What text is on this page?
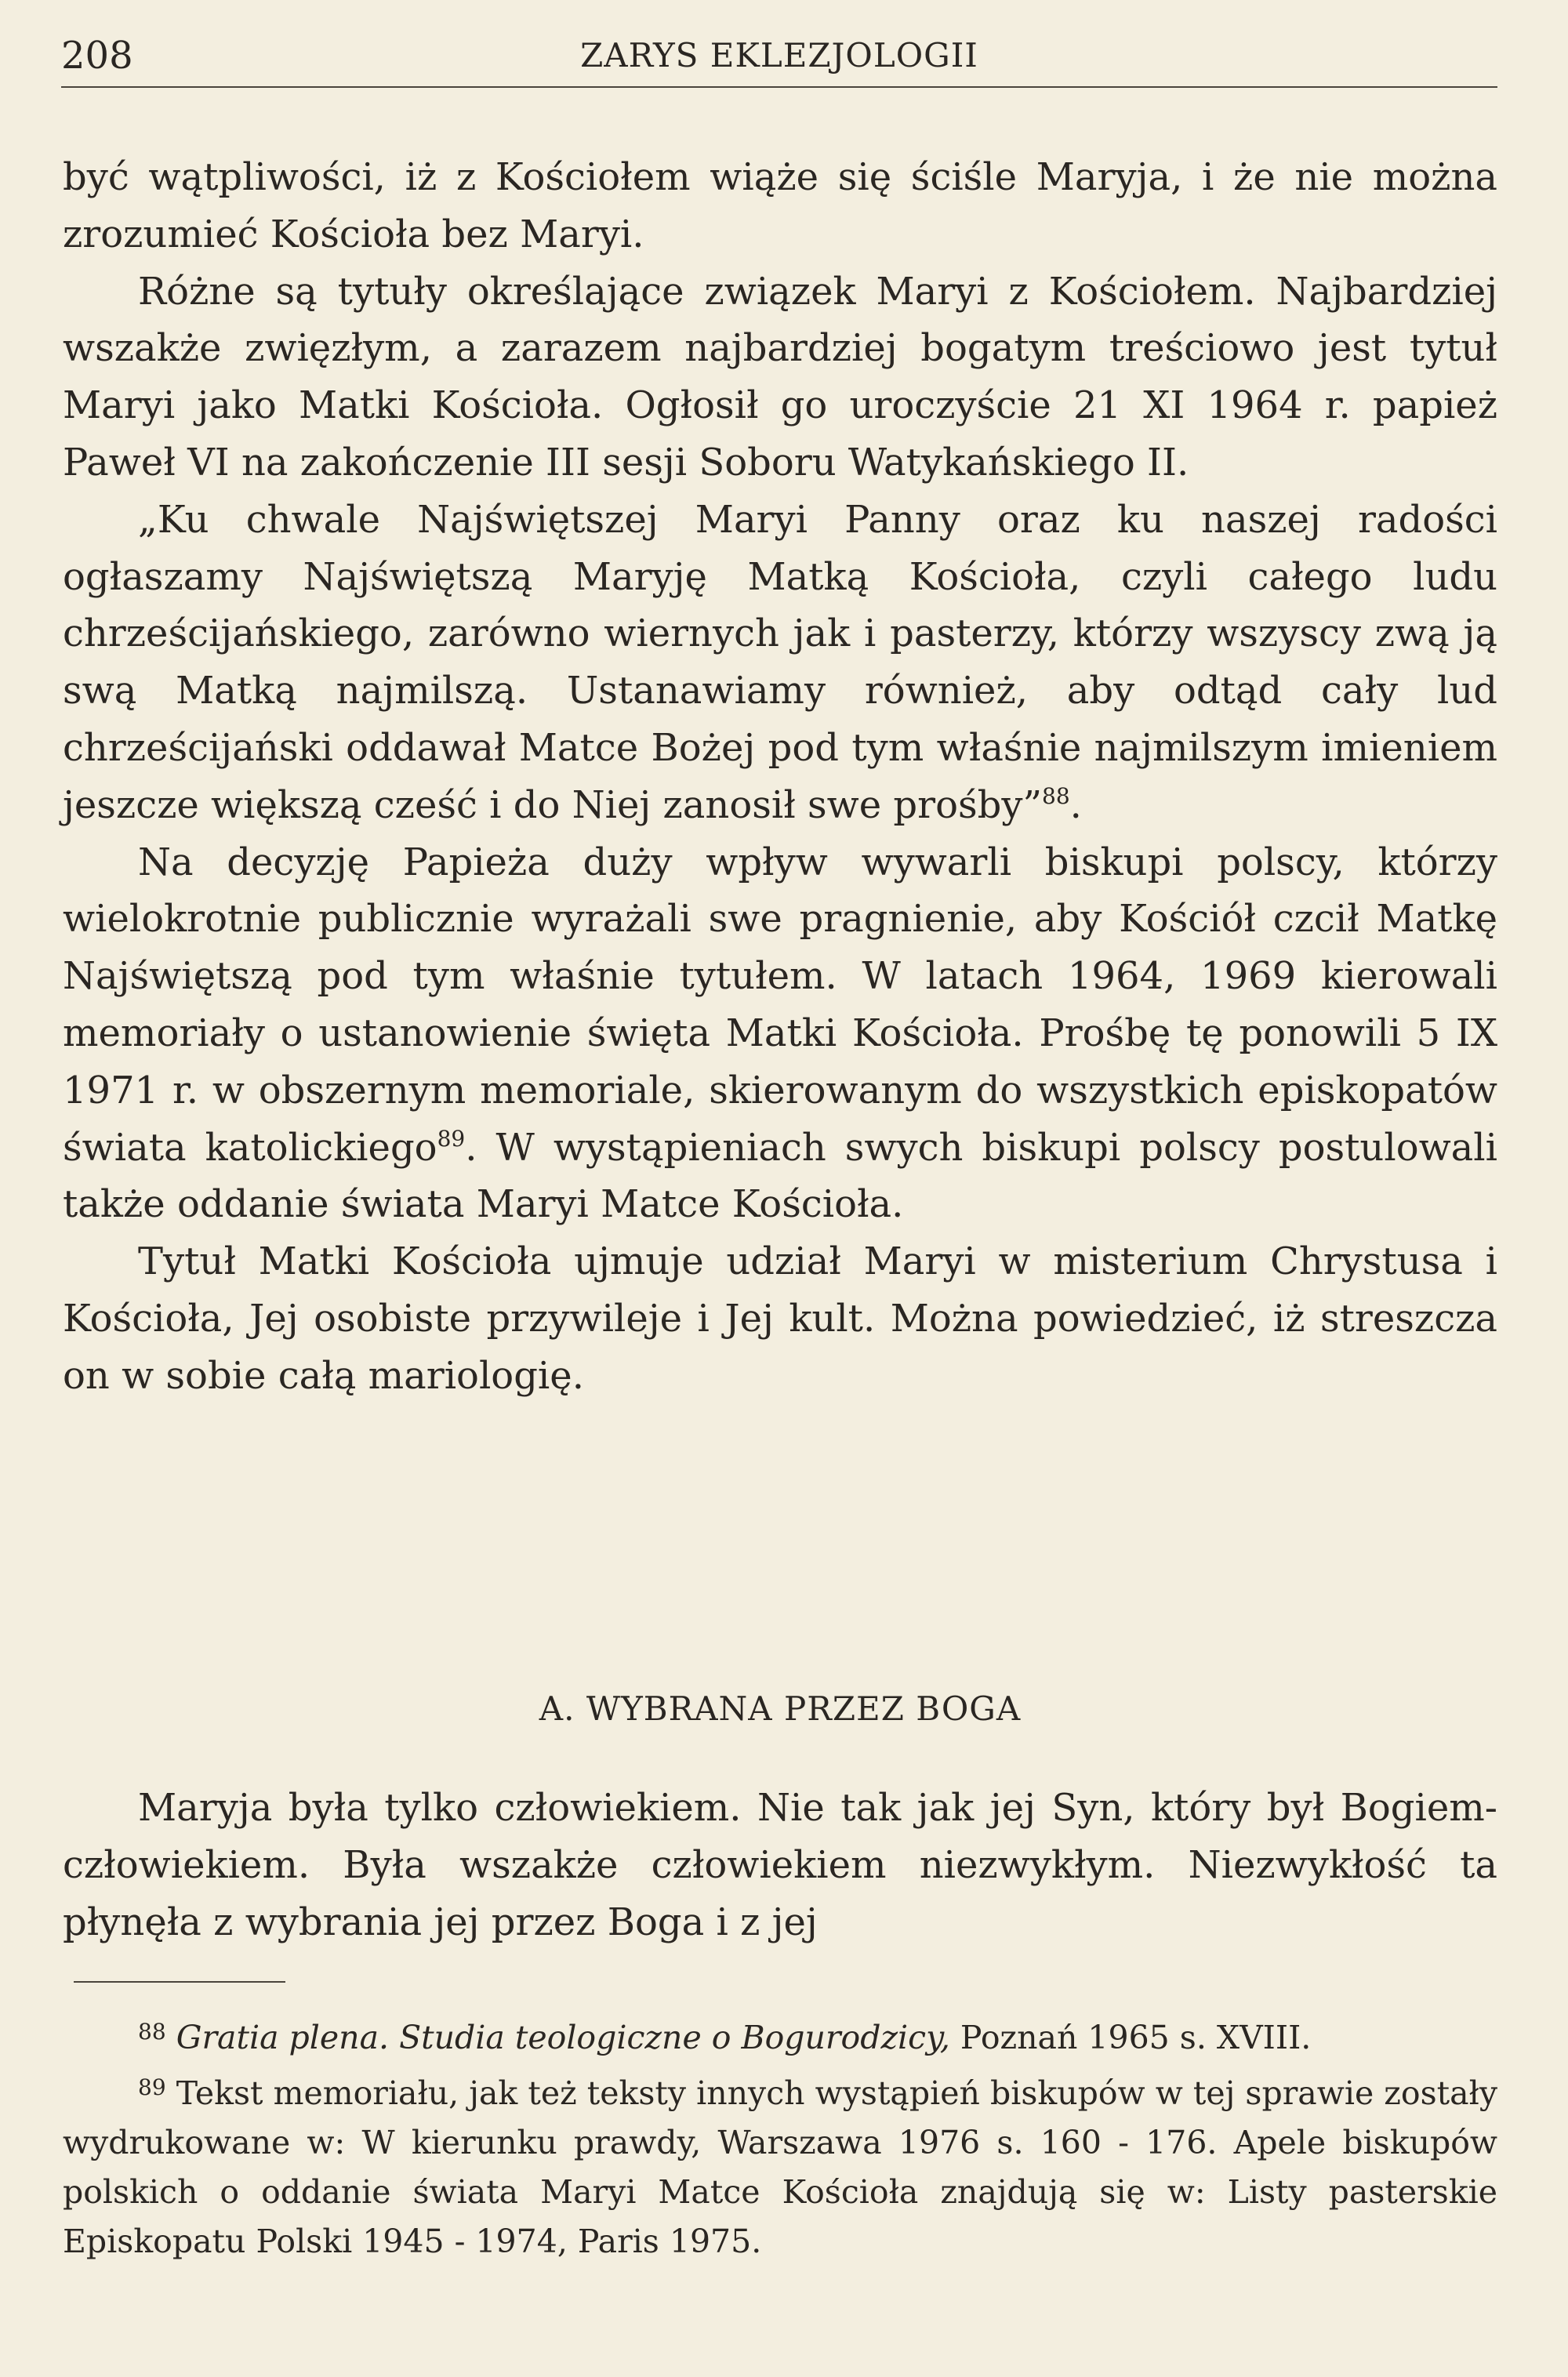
208	ZARYS EKLEZJOLOGII

być wątpliwości, iż z Kościołem wiąże się ściśle Maryja, i że nie można zrozumieć Kościoła bez Maryi.

Różne są tytuły określające związek Maryi z Kościołem. Najbardziej wszakże zwięzłym, a zarazem najbardziej bogatym treściowo jest tytuł Maryi jako Matki Kościoła. Ogłosił go uroczyście 21 XI 1964 r. papież Paweł VI na zakończenie III sesji Soboru Watykańskiego II.

„Ku chwale Najświętszej Maryi Panny oraz ku naszej radości ogłaszamy Najświętszą Maryję Matką Kościoła, czyli całego ludu chrześcijańskiego, zarówno wiernych jak i pasterzy, którzy wszyscy zwą ją swą Matką najmilszą. Ustanawiamy również, aby odtąd cały lud chrześcijański oddawał Matce Bożej pod tym właśnie najmilszym imieniem jeszcze większą cześć i do Niej zanosił swe prośby”$^{88}$.

Na decyzję Papieża duży wpływ wywarli biskupi polscy, którzy wielokrotnie publicznie wyrażali swe pragnienie, aby Kościół czcił Matkę Najświętszą pod tym właśnie tytułem. W latach 1964, 1969 kierowali memoriały o ustanowienie święta Matki Kościoła. Prośbę tę ponowili 5 IX 1971 r. w obszernym memoriale, skierowanym do wszystkich episkopatów świata katolickiego$^{89}$. W wystąpieniach swych biskupi polscy postulowali także oddanie świata Maryi Matce Kościoła.

Tytuł Matki Kościoła ujmuje udział Maryi w misterium Chrystusa i Kościoła, Jej osobiste przywileje i Jej kult. Można powiedzieć, iż streszcza on w sobie całą mariologię.

A. WYBRANA PRZEZ BOGA

Maryja była tylko człowiekiem. Nie tak jak jej Syn, który był Bogiem-człowiekiem. Była wszakże człowiekiem niezwykłym. Niezwykłość ta płynęła z wybrania jej przez Boga i z jej

$^{88}$ Gratia plena. Studia teologiczne o Bogurodzicy, Poznań 1965 s. XVIII.

$^{89}$ Tekst memoriału, jak też teksty innych wystąpień biskupów w tej sprawie zostały wydrukowane w: W kierunku prawdy, Warszawa 1976 s. 160 - 176. Apele biskupów polskich o oddanie świata Maryi Matce Kościoła znajdują się w: Listy pasterskie Episkopatu Polski 1945 - 1974, Paris 1975.
